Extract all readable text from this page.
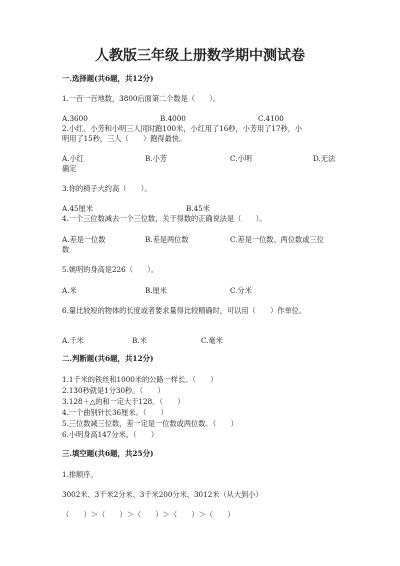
人教版三年级上册数学期中测试卷
一.选择题(共6题，共12分)
1.一百一百地数，3800后面第二个数是（　　）。
A.3600	B.4000	C.4100
2.小红、小芳和小明三人同时跑100米，小红用了16秒，小芳用了17秒，小
明用了15秒，三人（　　）跑得最快。
A.小红	B.小芳	C.小明	D.无法
确定
3.你的椅子大约高（　　）。
A.45厘米	B.45米
4.一个三位数减去一个三位数，关于得数的正确说法是（　　）。
A.差是一位数	B.差是两位数	C.差是一位数、两位数或三位
数
5.姚明的身高是226（　　）。
A.米	B.厘米	C.分米
6.量比较短的物体的长度或者要求量得比较精确时，可以用（　　）作单位。
A.千米	B.米	C.毫米
二.判断题(共6题，共12分)
1.1千米的铁丝和1000米的公路一样长。（　　）
2.130秒就是1分30秒。（　　）
3.128＋△的和一定大于128。（　　）
4.一个曲别针长36厘米。（　　）
5.三位数减三位数，差一定是一位数或两位数。（　　）
6.小明身高147分米。（　　）
三.填空题(共6题，共25分)
1.排顺序。
3002米、3千米2分米、3千米200分米、3012米（从大到小）
（　　）＞（　　）＞（　　）＞（　　）＞（　　）
